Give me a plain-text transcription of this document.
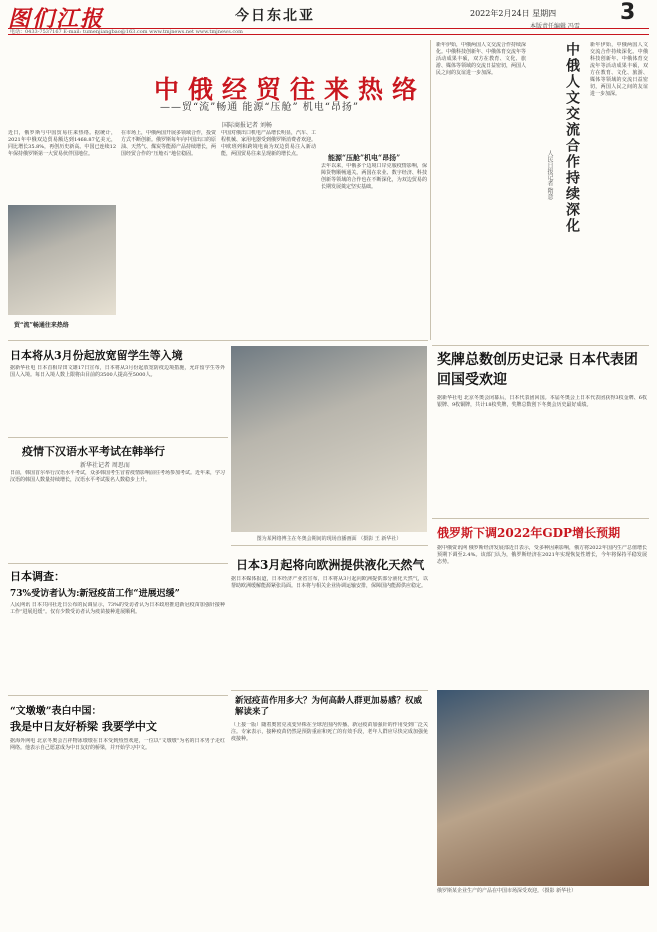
图们江报	今日东北亚	2022年2月24日 星期四	3
本版责任编辑 冯雪
电话：0433-7537167 E-mail: tumenjiangbao@163.com www.tmjnews.net www.tmjnews.com
中俄经贸往来热络
——贸“流”畅通 能源“压舱” 机电“昂扬”
国际商报记者 刘畅
贸“流”畅通往来热络
近日，俄罗斯与中国贸易往来热络。据统计，2021年中俄双边贸易额达到1468.87亿美元，同比增长35.8%，再创历史新高。中国已连续12年保持俄罗斯第一大贸易伙伴国地位。
在市场上，中俄两国开展多领域合作，投资方式不断创新。俄罗斯每年向中国出口的原油、天然气、煤炭等能源产品持续增长，两国经贸合作的“压舱石”地位稳固。
中国对俄出口机电产品增长明显，汽车、工程机械、家用电器受到俄罗斯消费者欢迎。中欧班列和跨境电商为双边贸易注入新动能，两国贸易往来呈现新的增长点。	能源“压舱”机电“昂扬”
去年以来，中俄多个边境口岸克服疫情影响，保障货物顺畅通关。两国在农业、数字经济、科技创新等领域的合作也在不断深化，为双边贸易的长期发展奠定坚实基础。
新年伊始，中俄两国人文交流合作持续深化。中俄科技创新年、中俄体育交流年等活动成果丰硕，双方在教育、文化、旅游、媒体等领域的交流日益密切，两国人民之间的友谊进一步加深。	中俄人文交流合作持续深化
人民日报记者 隋意
新年伊始，中俄两国人文交流合作持续深化。中俄科技创新年、中俄体育交流年等活动成果丰硕，双方在教育、文化、旅游、媒体等领域的交流日益密切，两国人民之间的友谊进一步加深。
奖牌总数创历史记录 日本代表团回国受欢迎
据新华社电 北京冬奥会闭幕后，日本代表团回国。本届冬奥会上日本代表团获得3枚金牌、6枚银牌、9枚铜牌，共计18枚奖牌，奖牌总数创下冬奥会历史最好成绩。
俄罗斯下调2022年GDP增长预期
据中俄资讯网 俄罗斯经济发展部近日表示，受多种因素影响，俄方将2022年国内生产总值增长预期下调至2.4%。该部门认为，俄罗斯经济在2021年实现恢复性增长，今年将保持平稳发展态势。
日本将从3月份起放宽留学生等入境
据新华社电 日本首相岸田文雄17日宣布，日本将从3月份起放宽防疫边境措施，允许留学生等外国人入境。每日入境人数上限将由目前的3500人提高至5000人。
疫情下汉语水平考试在韩举行
新华社记者 周思而
日前，韩国首尔举行汉语水平考试，众多韩国考生冒着疫情影响前往考场参加考试。近年来，学习汉语的韩国人数量持续增长，汉语水平考试报名人数稳步上升。
图为某网络博主在冬奥会期间的现场直播画面 （摄影 王 新华社）
日本3月起将向欧洲提供液化天然气
据日本媒体报道，日本经济产业省宣布，日本将从3月起向欧洲提供部分液化天然气，以帮助欧洲缓解能源紧张局面。日本将与相关企业协调运输安排，保障国内能源供应稳定。
日本调查：
73%受访者认为:新冠疫苗工作“进展迟缓”
人民网讯 日本共同社近日公布的民调显示，73%的受访者认为日本政府推进新冠疫苗加强针接种工作“进展迟缓”。仅有少数受访者认为疫苗接种进展顺利。
“文墩墩”表白中国：
我是中日友好桥梁 我要学中文
据海外网电 北京冬奥会吉祥物冰墩墩在日本受到热烈欢迎，一位以“文墩墩”为名的日本男子走红网络。他表示自己愿意成为中日友好的桥梁，并开始学习中文。
新冠疫苗作用多大？为何高龄人群更加易感？权威解读来了
（上接一版）随着奥密克戎变异株在全球范围内传播，新冠疫苗加强针的作用受到广泛关注。专家表示，接种疫苗仍然是预防重症和死亡的有效手段，老年人群应尽快完成加强免疫接种。
俄罗斯某企业生产的产品在中国市场深受欢迎。（摄影 新华社）
